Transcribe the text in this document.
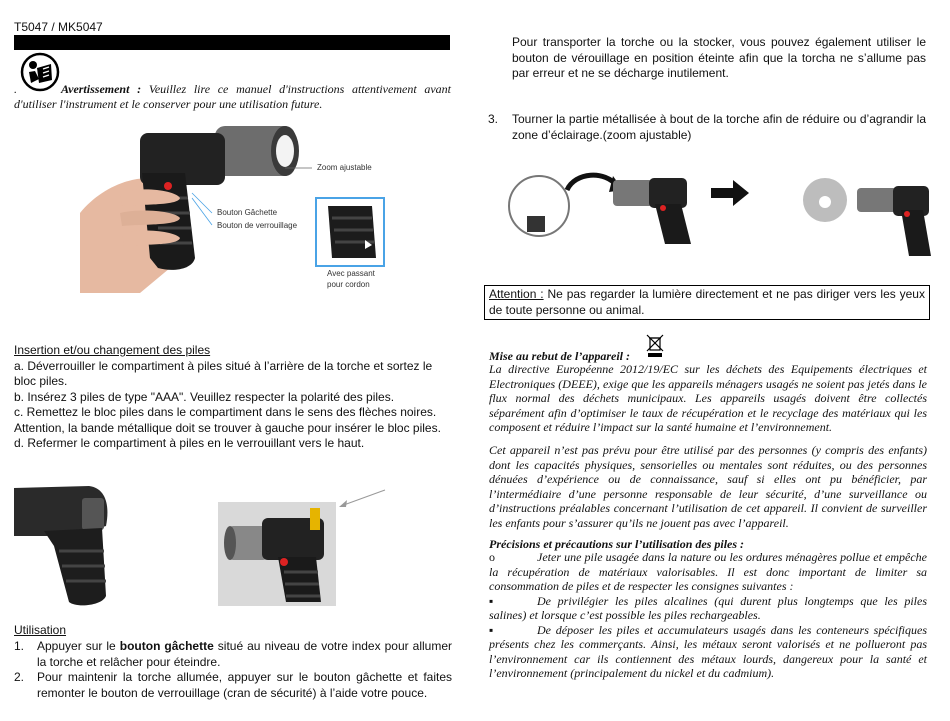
T5047 / MK5047
.	Avertissement : Veuillez lire ce manuel d'instructions attentivement avant d'utiliser l'instrument et le conserver pour une utilisation future.
Zoom ajustable
Bouton Gâchette
Bouton de verrouillage
Avec passant
pour cordon

Insertion et/ou changement des piles

a. Déverrouiller le compartiment à piles situé à l’arrière de la torche et sortez le bloc piles.

b. Insérez 3 piles de type "AAA". Veuillez respecter la polarité des piles.

c. Remettez le bloc piles dans le compartiment dans le sens des flèches noires.

Attention, la bande métallique doit se trouver à gauche pour insérer le bloc piles.

d. Refermer le compartiment à piles en le verrouillant vers le haut.

Utilisation
1.	Appuyer sur le bouton gâchette situé au niveau de votre index pour allumer la torche et relâcher pour éteindre.
2.	Pour maintenir la torche allumée, appuyer sur le bouton gâchette et faites remonter le bouton de verrouillage (cran de sécurité) à l’aide votre pouce.
Pour transporter la torche ou la stocker, vous pouvez également utiliser le bouton de vérouillage en position éteinte afin que la torcha ne s’allume pas par erreur et ne se décharge inutilement.
3.	Tourner la partie métallisée à bout de la torche afin de réduire ou d’agrandir la zone d’éclairage.(zoom ajustable)
Attention : Ne pas regarder la lumière directement et ne pas diriger vers les yeux de toute personne ou animal.
Mise au rebut de l’appareil :
La directive Européenne 2012/19/EC sur les déchets des Equipements électriques et Electroniques (DEEE), exige que les appareils ménagers usagés ne soient pas jetés dans le flux normal des déchets municipaux. Les appareils usagés doivent être collectés séparément afin d’optimiser le taux de récupération et le recyclage des matériaux qui les composent et réduire l’impact sur la santé humaine et l’environnement.
Cet appareil n’est pas prévu pour être utilisé par des personnes (y compris des enfants) dont les capacités physiques, sensorielles ou mentales sont réduites, ou des personnes dénuées d’expérience ou de connaissance, sauf si elles ont pu bénéficier, par l’intermédiaire d’une personne responsable de leur sécurité, d’une surveillance ou d’instructions préalables concernant l’utilisation de cet appareil. Il convient de surveiller les enfants pour s’assurer qu’ils ne jouent pas avec l’appareil.
Précisions et précautions sur l’utilisation des piles :

o	Jeter une pile usagée dans la nature ou les ordures ménagères pollue et empêche la récupération de matériaux valorisables. Il est donc important de limiter sa consommation de piles et de respecter les consignes suivantes :

▪	De privilégier les piles alcalines (qui durent plus longtemps que les piles salines) et lorsque c’est possible les piles rechargeables.

▪	De déposer les piles et accumulateurs usagés dans les conteneurs spécifiques présents chez les commerçants. Ainsi, les métaux seront valorisés et ne pollueront pas l’environnement car ils contiennent des métaux lourds, dangereux pour la santé et l’environnement (principalement du nickel et du cadmium).
